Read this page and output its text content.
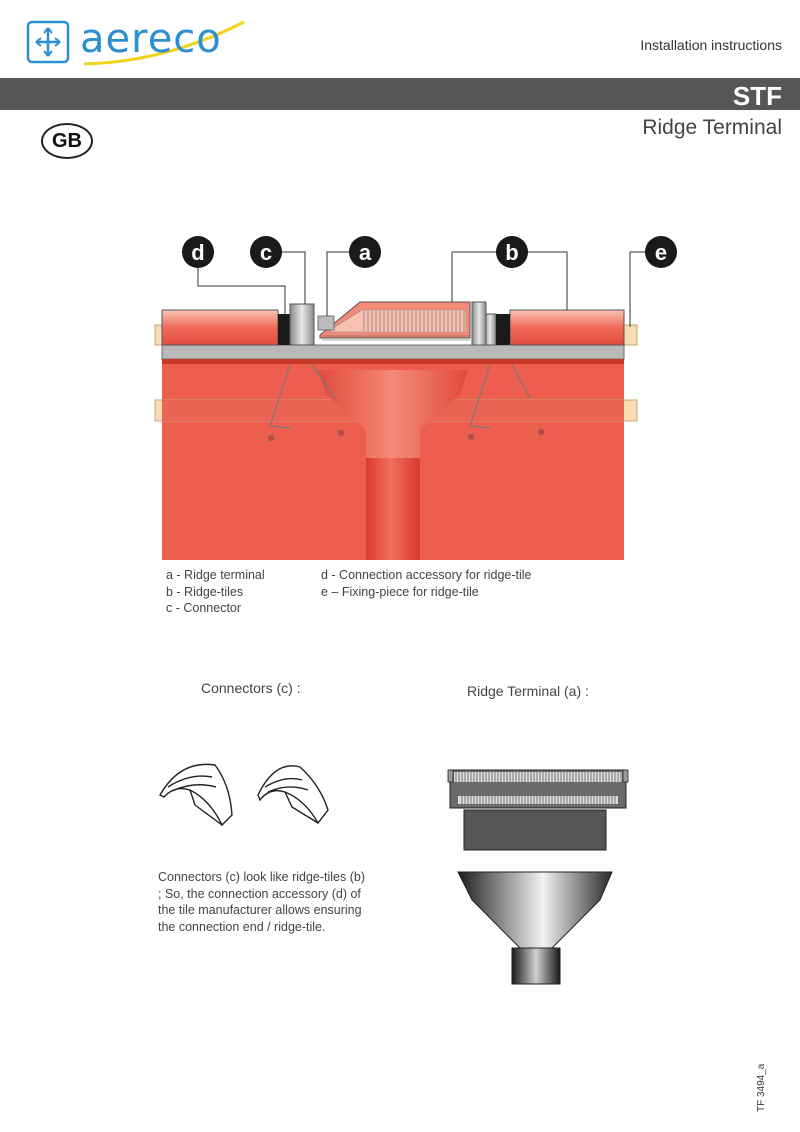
aereco	Installation instructions
STF
Ridge Terminal
GB
d	c	a	b	e
a - Ridge terminal
b - Ridge-tiles
c - Connector
d - Connection accessory for ridge-tile
e – Fixing-piece for ridge-tile
Connectors (c) :
Connectors (c) look like ridge-tiles (b)
; So, the connection accessory (d) of
the tile manufacturer allows ensuring
the connection end / ridge-tile.
Ridge Terminal (a) :
TF 3494_a
